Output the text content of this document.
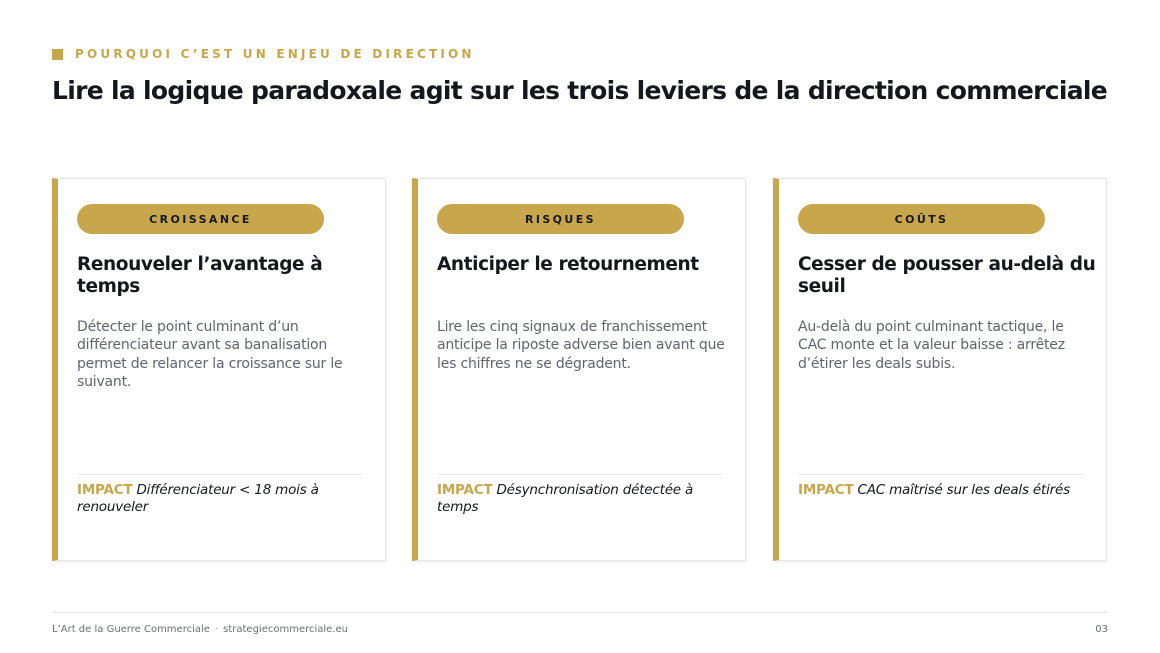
POURQUOI C’EST UN ENJEU DE DIRECTION
Lire la logique paradoxale agit sur les trois leviers de la direction commerciale
CROISSANCE
Renouveler l’avantage à temps

Détecter le point culminant d’un différenciateur avant sa banalisation permet de relancer la croissance sur le suivant.

IMPACT Différenciateur < 18 mois à renouveler

RISQUES
Anticiper le retournement

Lire les cinq signaux de franchissement anticipe la riposte adverse bien avant que les chiffres ne se dégradent.

IMPACT Désynchronisation détectée à temps

COÛTS
Cesser de pousser au-delà du seuil

Au-delà du point culminant tactique, le CAC monte et la valeur baisse : arrêtez d’étirer les deals subis.

IMPACT CAC maîtrisé sur les deals étirés

L’Art de la Guerre Commerciale · strategiecommerciale.eu	03
